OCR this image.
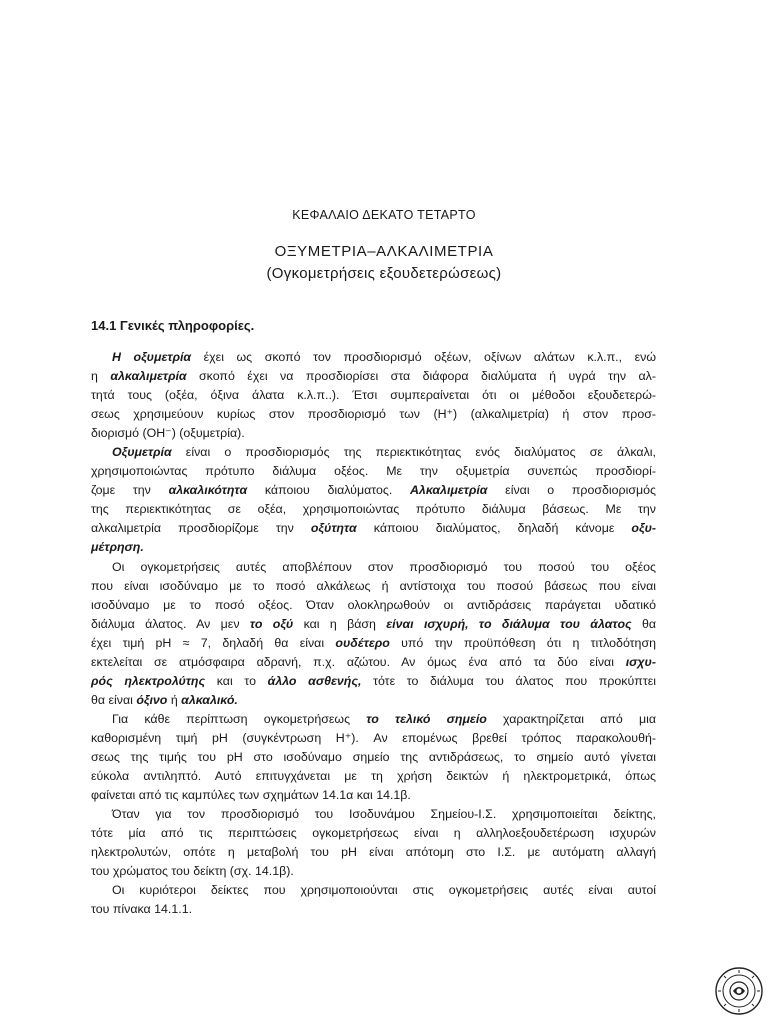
ΚΕΦΑΛΑΙΟ ΔΕΚΑΤΟ ΤΕΤΑΡΤΟ
ΟΞΥΜΕΤΡΙΑ–ΑΛΚΑΛΙΜΕΤΡΙΑ
(Ογκομετρήσεις εξουδετερώσεως)
14.1 Γενικές πληροφορίες.
Η οξυμετρία έχει ως σκοπό τον προσδιορισμό οξέων, οξίνων αλάτων κ.λ.π., ενώ
η αλκαλιμετρία σκοπό έχει να προσδιορίσει στα διάφορα διαλύματα ή υγρά την αλ-
τητά τους (οξέα, όξινα άλατα κ.λ.π..). Έτσι συμπεραίνεται ότι οι μέθοδοι εξουδετερώ-
σεως χρησιμεύουν κυρίως στον προσδιορισμό των (H⁺) (αλκαλιμετρία) ή στον προσ-
διορισμό (OH⁻) (οξυμετρία).
Οξυμετρία είναι ο προσδιορισμός της περιεκτικότητας ενός διαλύματος σε άλκαλι,
χρησιμοποιώντας πρότυπο διάλυμα οξέος. Με την οξυμετρία συνεπώς προσδιορί-
ζομε την αλκαλικότητα κάποιου διαλύματος. Αλκαλιμετρία είναι ο προσδιορισμός
της περιεκτικότητας σε οξέα, χρησιμοποιώντας πρότυπο διάλυμα βάσεως. Με την
αλκαλιμετρία προσδιορίζομε την οξύτητα κάποιου διαλύματος, δηλαδή κάνομε οξυ-
μέτρηση.
Οι ογκομετρήσεις αυτές αποβλέπουν στον προσδιορισμό του ποσού του οξέος
που είναι ισοδύναμο με το ποσό αλκάλεως ή αντίστοιχα του ποσού βάσεως που είναι
ισοδύναμο με το ποσό οξέος. Όταν ολοκληρωθούν οι αντιδράσεις παράγεται υδατικό
διάλυμα άλατος. Αν μεν το οξύ και η βάση είναι ισχυρή, το διάλυμα του άλατος θα
έχει τιμή pH ≈ 7, δηλαδή θα είναι ουδέτερο υπό την προϋπόθεση ότι η τιτλοδότηση
εκτελείται σε ατμόσφαιρα αδρανή, π.χ. αζώτου. Αν όμως ένα από τα δύο είναι ισχυ-
ρός ηλεκτρολύτης και το άλλο ασθενής, τότε το διάλυμα του άλατος που προκύπτει
θα είναι όξινο ή αλκαλικό.
Για κάθε περίπτωση ογκομετρήσεως το τελικό σημείο χαρακτηρίζεται από μια
καθορισμένη τιμή pH (συγκέντρωση H⁺). Αν επομένως βρεθεί τρόπος παρακολουθή-
σεως της τιμής του pH στο ισοδύναμο σημείο της αντιδράσεως, το σημείο αυτό γίνεται
εύκολα αντιληπτό. Αυτό επιτυγχάνεται με τη χρήση δεικτών ή ηλεκτρομετρικά, όπως
φαίνεται από τις καμπύλες των σχημάτων 14.1α και 14.1β.
Όταν για τον προσδιορισμό του Ισοδυνάμου Σημείου-Ι.Σ. χρησιμοποιείται δείκτης,
τότε μία από τις περιπτώσεις ογκομετρήσεως είναι η αλληλοεξουδετέρωση ισχυρών
ηλεκτρολυτών, οπότε η μεταβολή του pH είναι απότομη στο Ι.Σ. με αυτόματη αλλαγή
του χρώματος του δείκτη (σχ. 14.1β).
Οι κυριότεροι δείκτες που χρησιμοποιούνται στις ογκομετρήσεις αυτές είναι αυτοί
του πίνακα 14.1.1.
